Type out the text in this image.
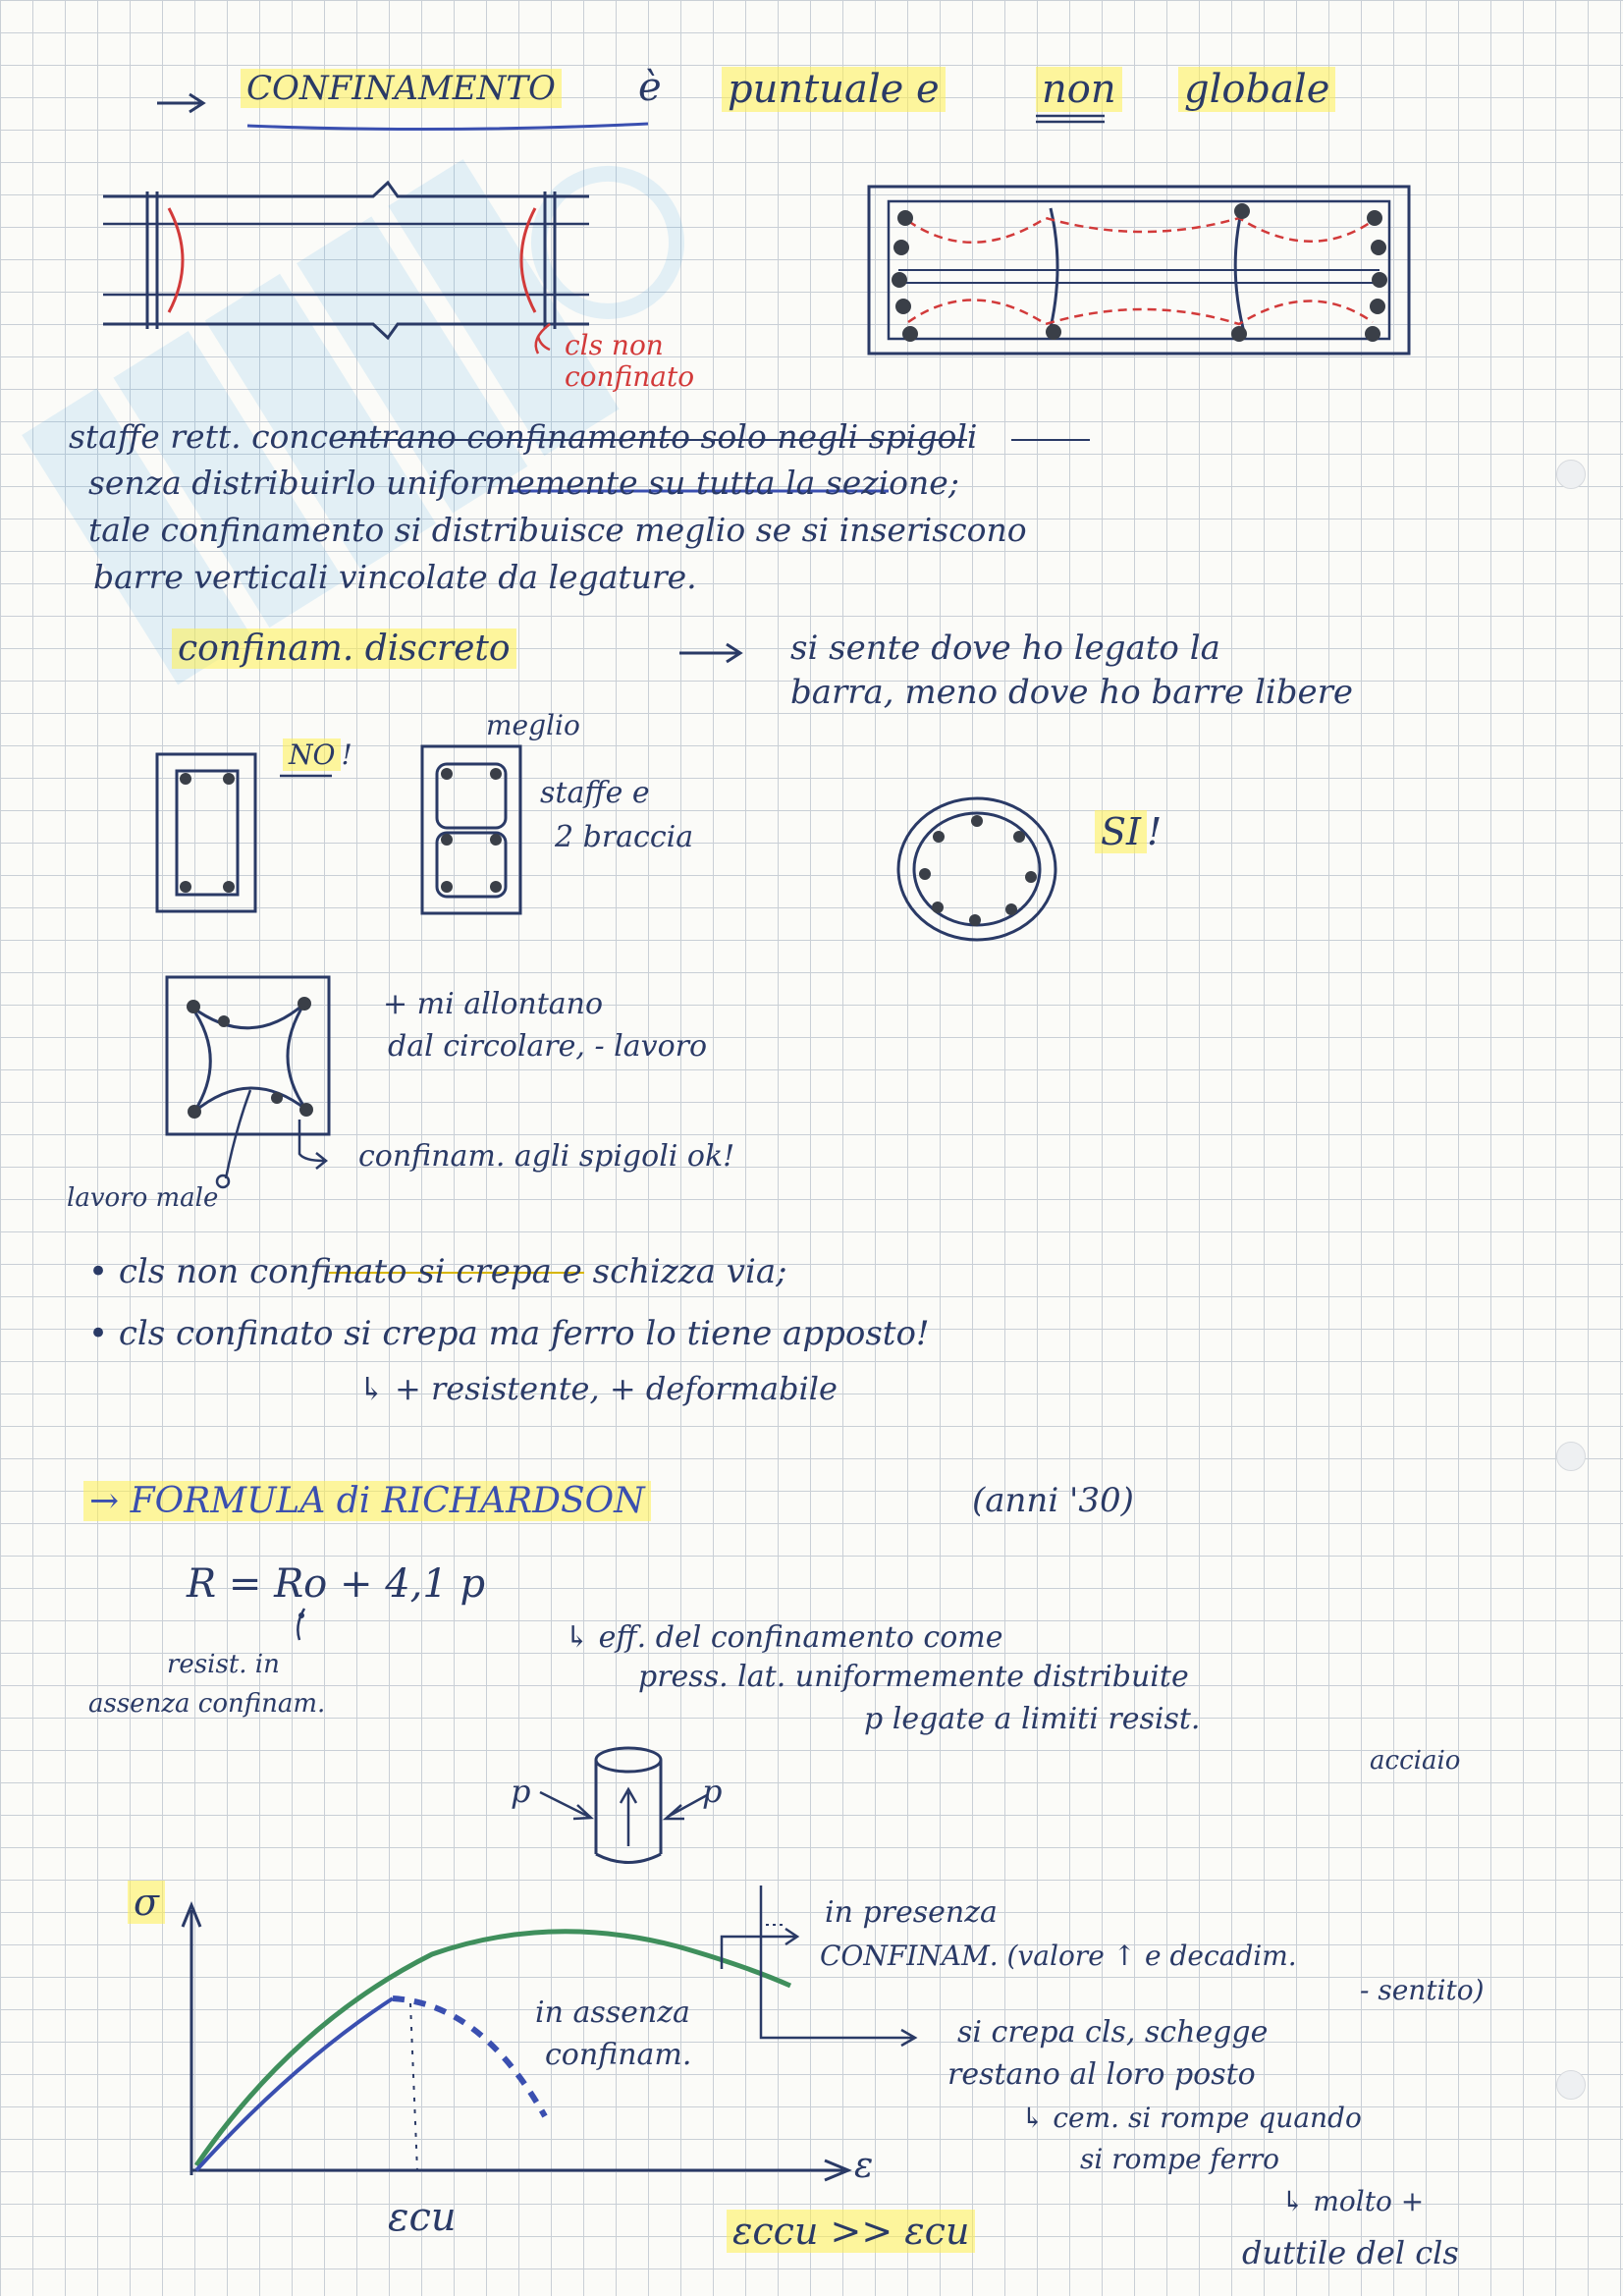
CONFINAMENTO è puntuale e	non globale
cls non
confinato
staffe rett. concentrano confinamento solo negli spigoli
senza distribuirlo uniformemente su tutta la sezione;
tale confinamento si distribuisce meglio se si inseriscono
barre verticali vincolate da legature.
confinam. discreto	si sente dove ho legato la
barra, meno dove ho barre libere
NO !
meglio
staffe e
2 braccia	SI !
+ mi allontano
dal circolare, - lavoro
confinam. agli spigoli ok!
lavoro male
• cls non confinato si crepa e schizza via;
• cls confinato si crepa ma ferro lo tiene apposto!
↳ + resistente, + deformabile
→ FORMULA di RICHARDSON	(anni '30)
R = Ro + 4,1 p
resist. in
assenza confinam.
↳ eff. del confinamento come
press. lat. uniformemente distribuite
p legate a limiti resist.
acciaio
p	p
σ
ε
εcu	εccu >> εcu
in presenza
CONFINAM. (valore ↑ e decadim.
- sentito)
in assenza
confinam.
si crepa cls, schegge
restano al loro posto
↳ cem. si rompe quando
si rompe ferro
↳ molto +
duttile del cls
